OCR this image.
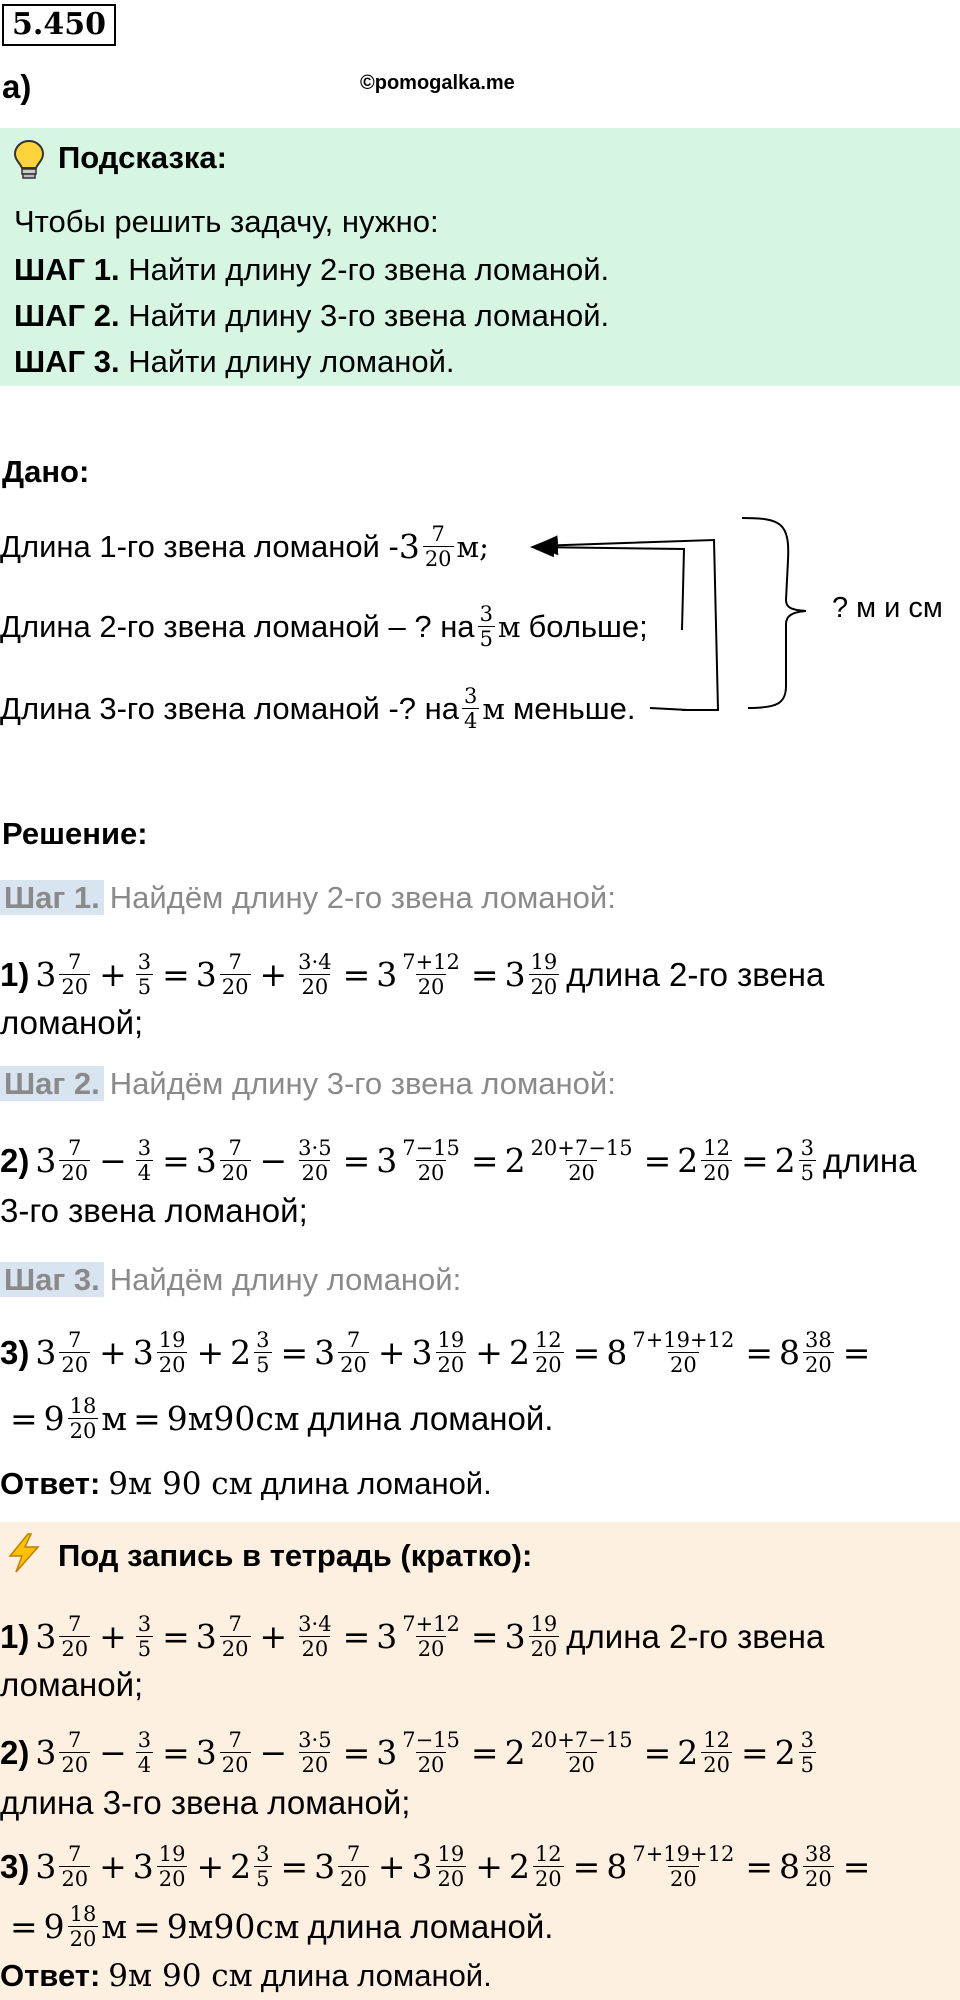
5.450
а)	©pomogalka.me
Подсказка:
Чтобы решить задачу, нужно:
ШАГ 1. Найти длину 2-го звена ломаной.
ШАГ 2. Найти длину 3-го звена ломаной.
ШАГ 3. Найти длину ломаной.
Дано:
Длина 1-го звена ломаной - $3 \frac{7}{20} м$;
Длина 2-го звена ломаной – ? на $\frac{3}{5}$ м больше;
Длина 3-го звена ломаной -? на $\frac{3}{4}$ м меньше.
? м и см
Решение:
Шаг 1. Найдём длину 2-го звена ломаной:
1) $3 \frac{7}{20} + \frac{3}{5} = 3 \frac{7}{20} + \frac{3\cdot 4}{20} = 3 \frac{7+12}{20} = 3 \frac{19}{20}$ длина 2-го звена
ломаной;
Шаг 2. Найдём длину 3-го звена ломаной:
2) $3 \frac{7}{20} - \frac{3}{4} = 3 \frac{7}{20} - \frac{3\cdot 5}{20} = 3 \frac{7-15}{20} = 2 \frac{20+7-15}{20} = 2 \frac{12}{20} = 2 \frac{3}{5}$ длина
3-го звена ломаной;
Шаг 3. Найдём длину ломаной:
3) $3 \frac{7}{20} + 3 \frac{19}{20} + 2 \frac{3}{5} = 3 \frac{7}{20} + 3 \frac{19}{20} + 2 \frac{12}{20} = 8 \frac{7+19+12}{20} = 8 \frac{38}{20}$ =
= $9 \frac{18}{20}$ м = 9м90см длина ломаной.
Ответ: 9м 90 см длина ломаной.
Под запись в тетрадь (кратко):
1) $3 \frac{7}{20} + \frac{3}{5} = 3 \frac{7}{20} + \frac{3\cdot 4}{20} = 3 \frac{7+12}{20} = 3 \frac{19}{20}$ длина 2-го звена
ломаной;
2) $3 \frac{7}{20} - \frac{3}{4} = 3 \frac{7}{20} - \frac{3\cdot 5}{20} = 3 \frac{7-15}{20} = 2 \frac{20+7-15}{20} = 2 \frac{12}{20} = 2 \frac{3}{5}$
длина 3-го звена ломаной;
3) $3 \frac{7}{20} + 3 \frac{19}{20} + 2 \frac{3}{5} = 3 \frac{7}{20} + 3 \frac{19}{20} + 2 \frac{12}{20} = 8 \frac{7+19+12}{20} = 8 \frac{38}{20}$ =
= $9 \frac{18}{20}$ м = 9м90см длина ломаной.
Ответ: 9м 90 см длина ломаной.
